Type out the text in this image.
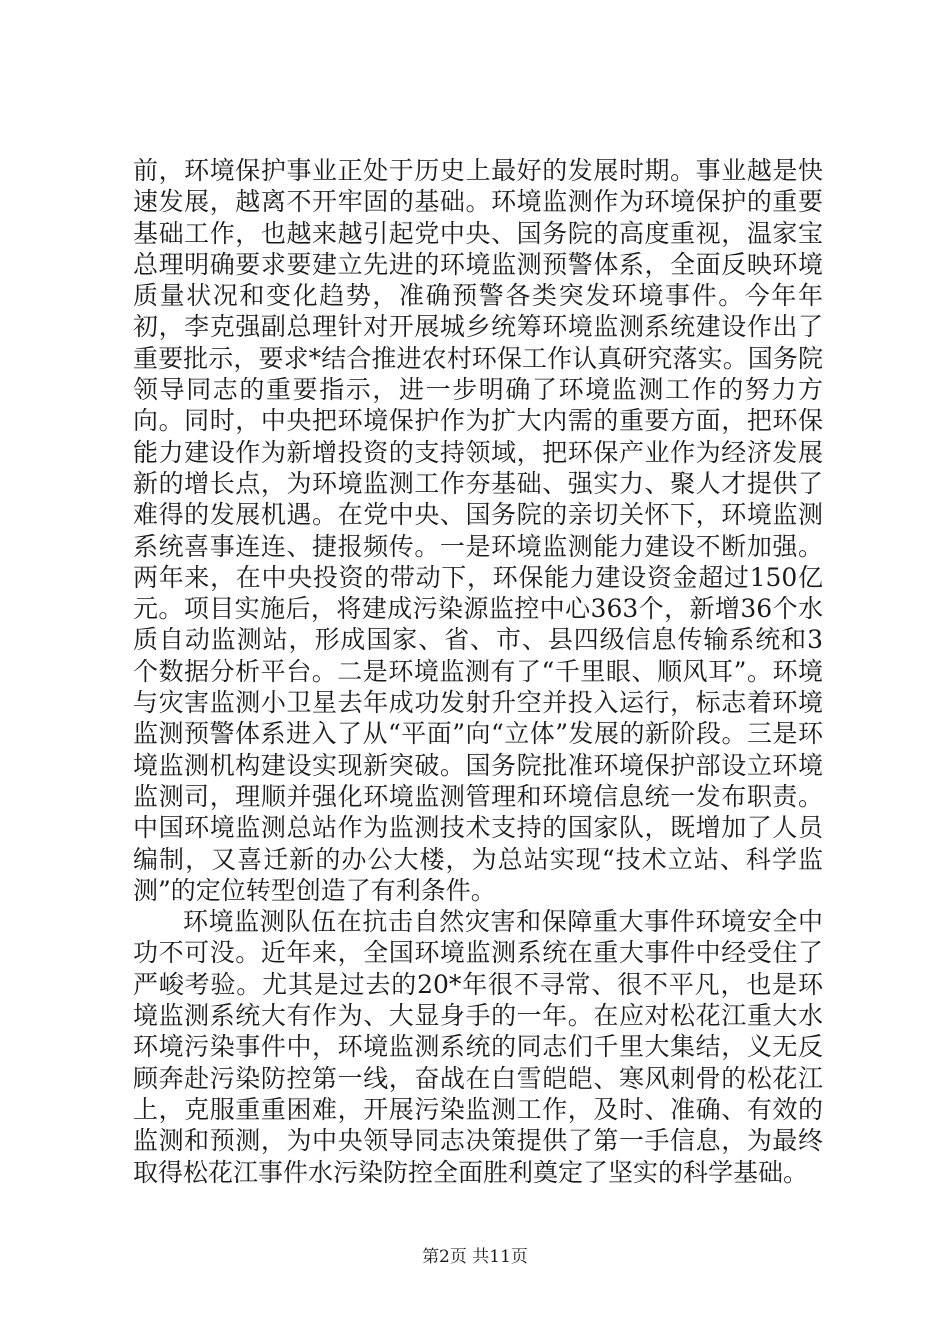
前，环境保护事业正处于历史上最好的发展时期。事业越是快速发展，越离不开牢固的基础。环境监测作为环境保护的重要基础工作，也越来越引起党中央、国务院的高度重视，温家宝总理明确要求要建立先进的环境监测预警体系，全面反映环境质量状况和变化趋势，准确预警各类突发环境事件。今年年初，李克强副总理针对开展城乡统筹环境监测系统建设作出了重要批示，要求*结合推进农村环保工作认真研究落实。国务院领导同志的重要指示，进一步明确了环境监测工作的努力方向。同时，中央把环境保护作为扩大内需的重要方面，把环保能力建设作为新增投资的支持领域，把环保产业作为经济发展新的增长点，为环境监测工作夯基础、强实力、聚人才提供了难得的发展机遇。在党中央、国务院的亲切关怀下，环境监测系统喜事连连、捷报频传。一是环境监测能力建设不断加强。两年来，在中央投资的带动下，环保能力建设资金超过150亿元。项目实施后，将建成污染源监控中心363个，新增36个水质自动监测站，形成国家、省、市、县四级信息传输系统和3个数据分析平台。二是环境监测有了“千里眼、顺风耳”。环境与灾害监测小卫星去年成功发射升空并投入运行，标志着环境监测预警体系进入了从“平面”向“立体”发展的新阶段。三是环境监测机构建设实现新突破。国务院批准环境保护部设立环境监测司，理顺并强化环境监测管理和环境信息统一发布职责。中国环境监测总站作为监测技术支持的国家队，既增加了人员编制，又喜迁新的办公大楼，为总站实现“技术立站、科学监测”的定位转型创造了有利条件。

环境监测队伍在抗击自然灾害和保障重大事件环境安全中功不可没。近年来，全国环境监测系统在重大事件中经受住了严峻考验。尤其是过去的20*年很不寻常、很不平凡，也是环境监测系统大有作为、大显身手的一年。在应对松花江重大水环境污染事件中，环境监测系统的同志们千里大集结，义无反顾奔赴污染防控第一线，奋战在白雪皑皑、寒风刺骨的松花江上，克服重重困难，开展污染监测工作，及时、准确、有效的监测和预测，为中央领导同志决策提供了第一手信息，为最终取得松花江事件水污染防控全面胜利奠定了坚实的科学基础。

第2页 共11页
